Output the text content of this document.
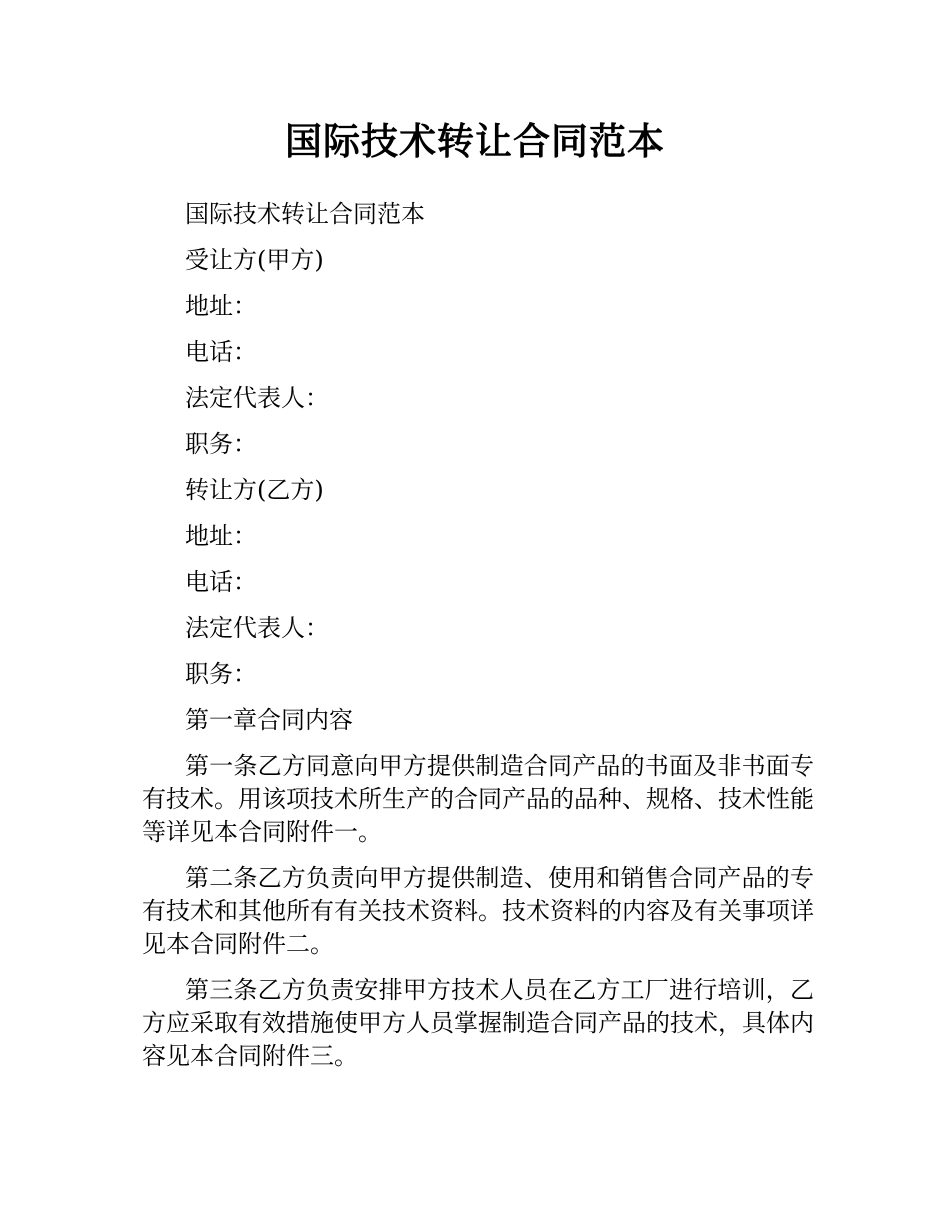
国际技术转让合同范本

国际技术转让合同范本

受让方(甲方)

地址：

电话：

法定代表人：

职务：

转让方(乙方)

地址：

电话：

法定代表人：

职务：

第一章合同内容

第一条乙方同意向甲方提供制造合同产品的书面及非书面专有技术。用该项技术所生产的合同产品的品种、规格、技术性能等详见本合同附件一。

第二条乙方负责向甲方提供制造、使用和销售合同产品的专有技术和其他所有有关技术资料。技术资料的内容及有关事项详见本合同附件二。

第三条乙方负责安排甲方技术人员在乙方工厂进行培训，乙方应采取有效措施使甲方人员掌握制造合同产品的技术，具体内容见本合同附件三。
